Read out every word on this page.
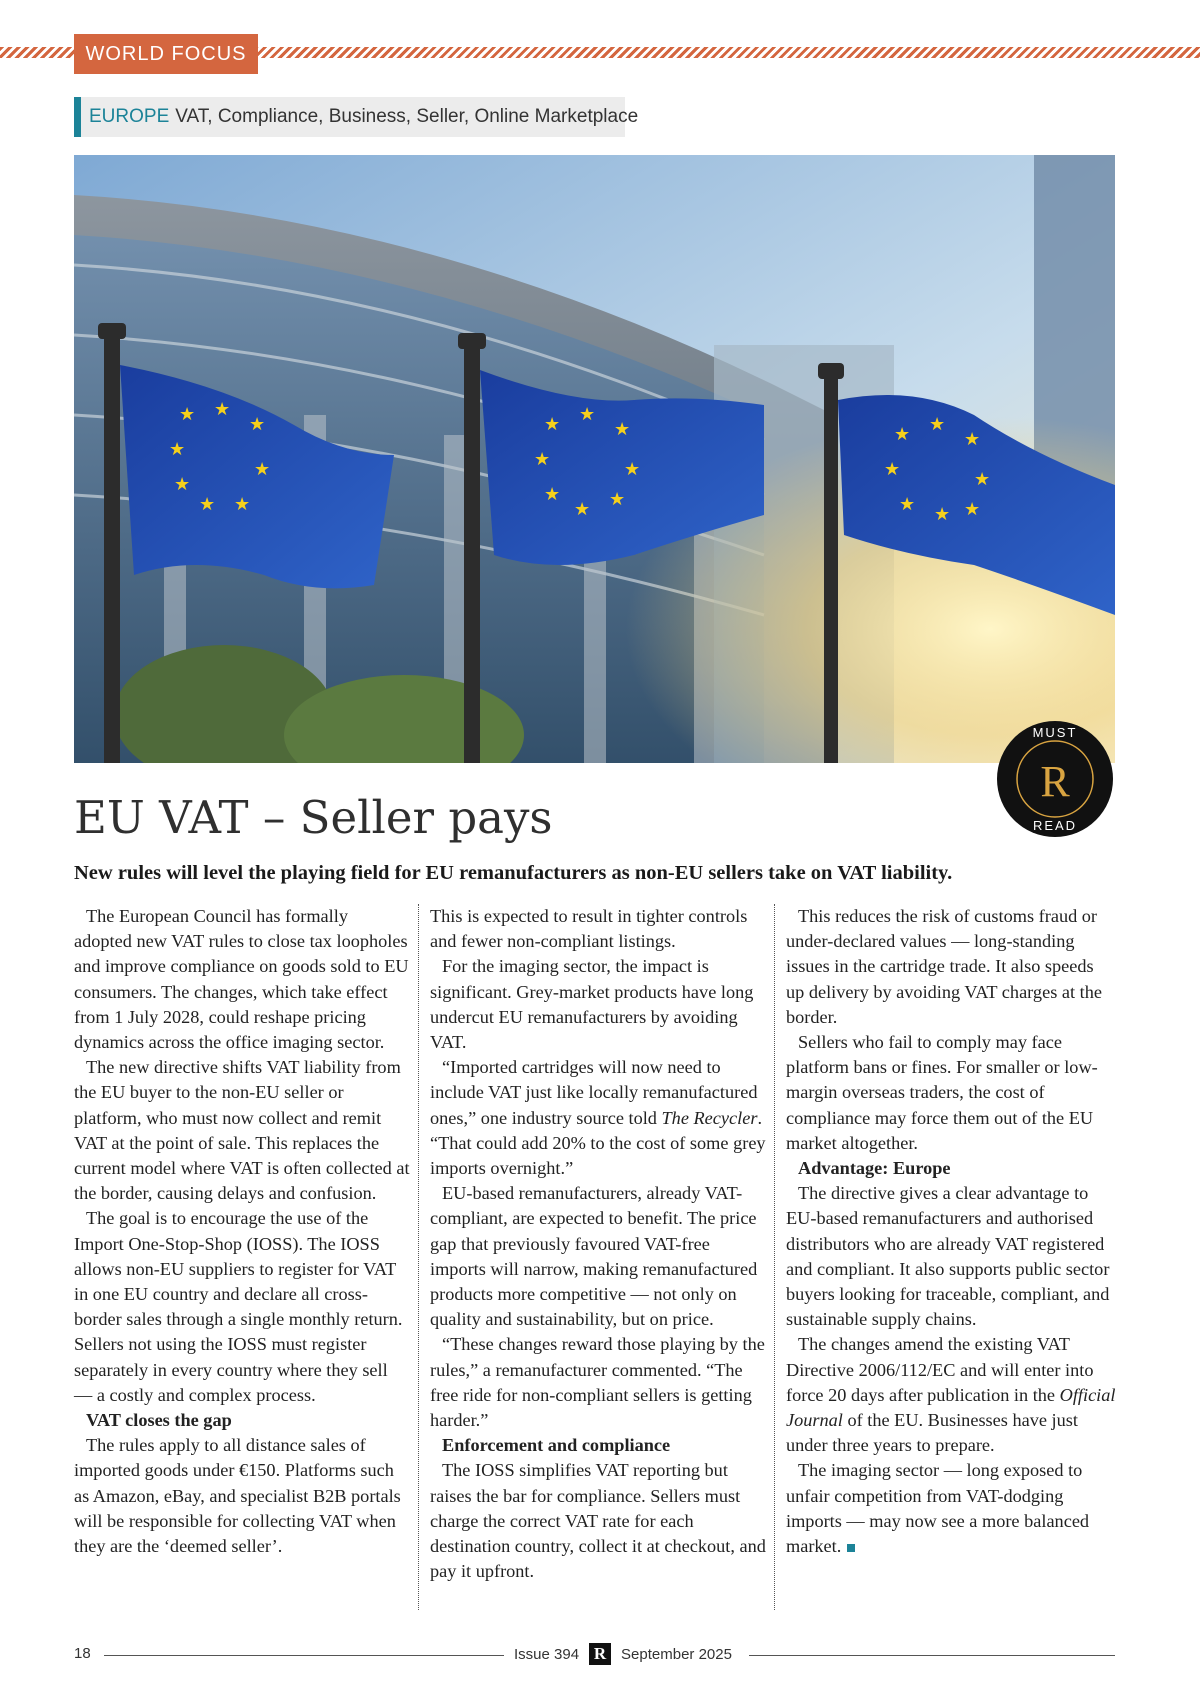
WORLD FOCUS
EUROPE VAT, Compliance, Business, Seller, Online Marketplace
★ ★
★
★
★
★
★ ★
★ ★
★
★	★
★
★ ★
★ ★
★
★	★
★ ★ ★
R
MUST
READ
EU VAT – Seller pays

New rules will level the playing field for EU remanufacturers as non-EU sellers take on VAT liability.

The European Council has formally adopted new VAT rules to close tax loopholes and improve compliance on goods sold to EU consumers. The changes, which take effect from 1 July 2028, could reshape pricing dynamics across the office imaging sector.

The new directive shifts VAT liability from the EU buyer to the non-EU seller or platform, who must now collect and remit VAT at the point of sale. This replaces the current model where VAT is often collected at the border, causing delays and confusion.

The goal is to encourage the use of the Import One-Stop-Shop (IOSS). The IOSS allows non-EU suppliers to register for VAT in one EU country and declare all cross-border sales through a single monthly return. Sellers not using the IOSS must register separately in every country where they sell — a costly and complex process.

VAT closes the gap

The rules apply to all distance sales of imported goods under €150. Platforms such as Amazon, eBay, and specialist B2B portals will be responsible for collecting VAT when they are the ‘deemed seller’.

This is expected to result in tighter controls and fewer non-compliant listings.

For the imaging sector, the impact is significant. Grey-market products have long undercut EU remanufacturers by avoiding VAT.

“Imported cartridges will now need to include VAT just like locally remanufactured ones,” one industry source told The Recycler. “That could add 20% to the cost of some grey imports overnight.”

EU-based remanufacturers, already VAT-compliant, are expected to benefit. The price gap that previously favoured VAT-free imports will narrow, making remanufactured products more competitive — not only on quality and sustainability, but on price.

“These changes reward those playing by the rules,” a remanufacturer commented. “The free ride for non-compliant sellers is getting harder.”

Enforcement and compliance

The IOSS simplifies VAT reporting but raises the bar for compliance. Sellers must charge the correct VAT rate for each destination country, collect it at checkout, and pay it upfront.

This reduces the risk of customs fraud or under-declared values — long-standing issues in the cartridge trade. It also speeds up delivery by avoiding VAT charges at the border.

Sellers who fail to comply may face platform bans or fines. For smaller or low-margin overseas traders, the cost of compliance may force them out of the EU market altogether.

Advantage: Europe

The directive gives a clear advantage to EU-based remanufacturers and authorised distributors who are already VAT registered and compliant. It also supports public sector buyers looking for traceable, compliant, and sustainable supply chains.

The changes amend the existing VAT Directive 2006/112/EC and will enter into force 20 days after publication in the Official Journal of the EU. Businesses have just under three years to prepare.

The imaging sector — long exposed to unfair competition from VAT-dodging imports — may now see a more balanced market.

18	Issue 394 R September 2025
